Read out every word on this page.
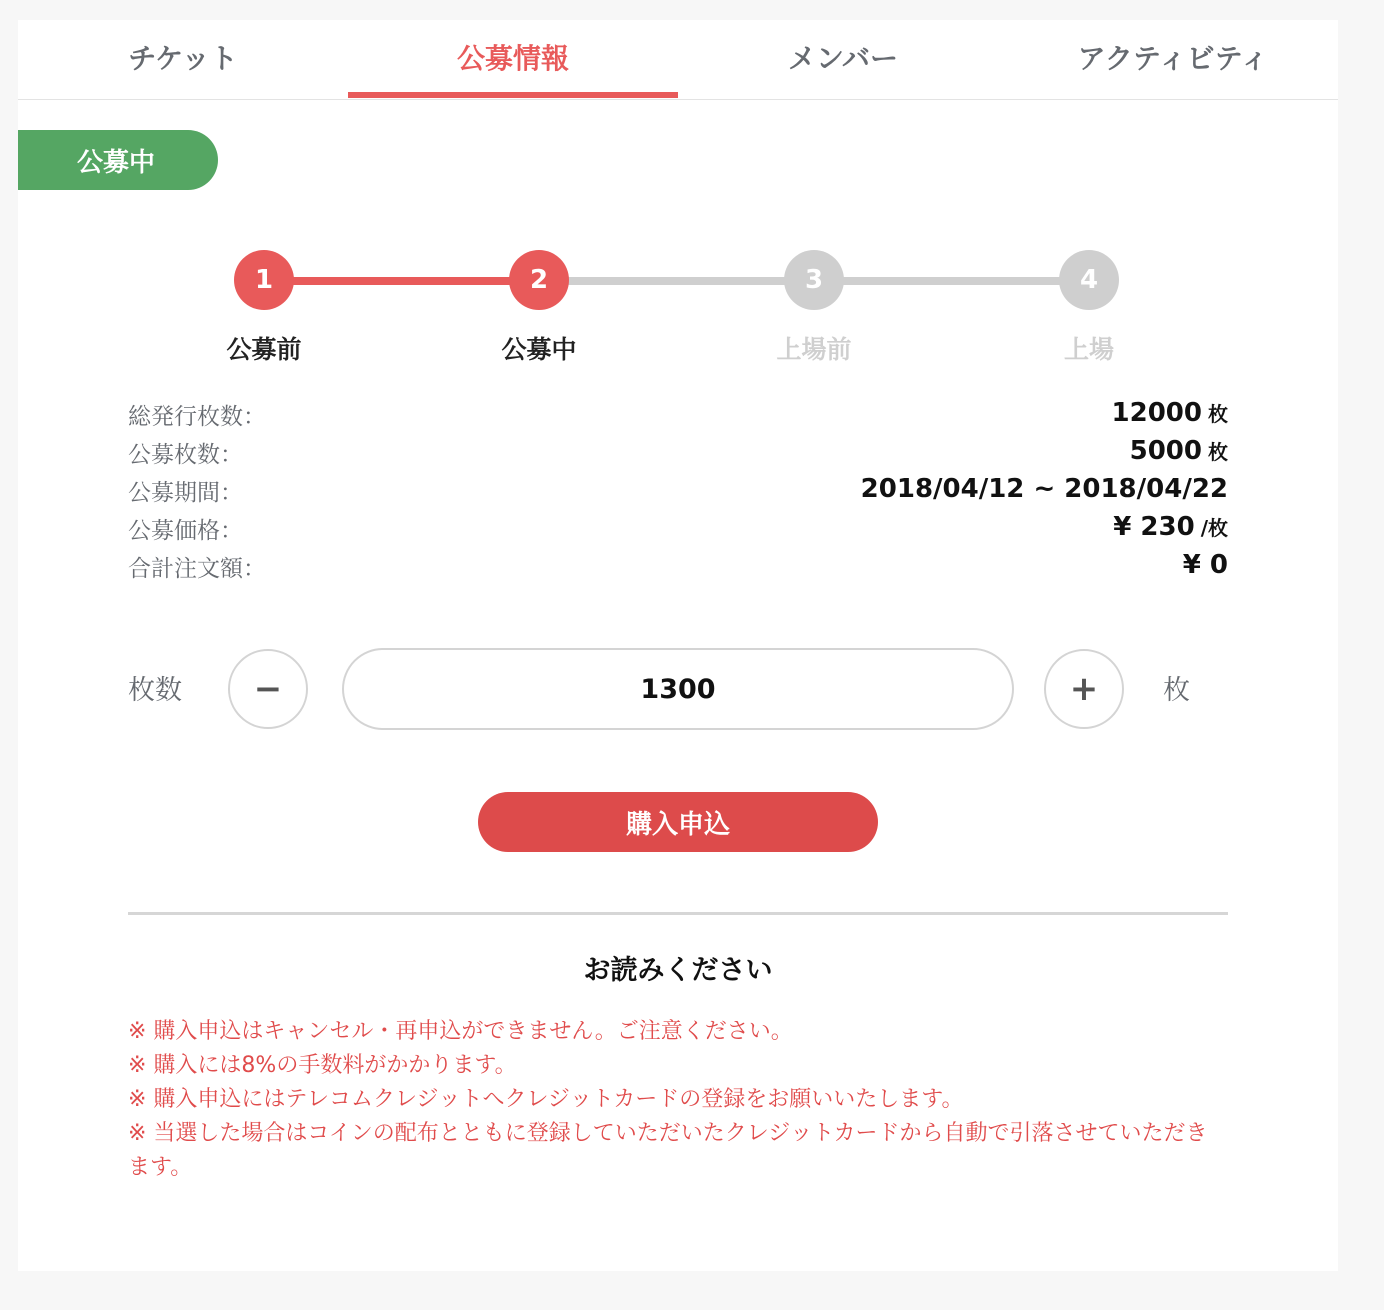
チケット	公募情報	メンバー	アクティビティ
公募中
1	2	3	4
公募前	公募中	上場前	上場
総発行枚数：	12000 枚
公募枚数：	5000 枚
公募期間：	2018/04/12 ~ 2018/04/22
公募価格：	¥ 230 /枚
合計注文額：	¥ 0
枚数	−	1300	+	枚
購入申込
お読みください
※ 購入申込はキャンセル・再申込ができません。ご注意ください。
※ 購入には8%の手数料がかかります。
※ 購入申込にはテレコムクレジットへクレジットカードの登録をお願いいたします。
※ 当選した場合はコインの配布とともに登録していただいたクレジットカードから自動で引落させていただきます。
